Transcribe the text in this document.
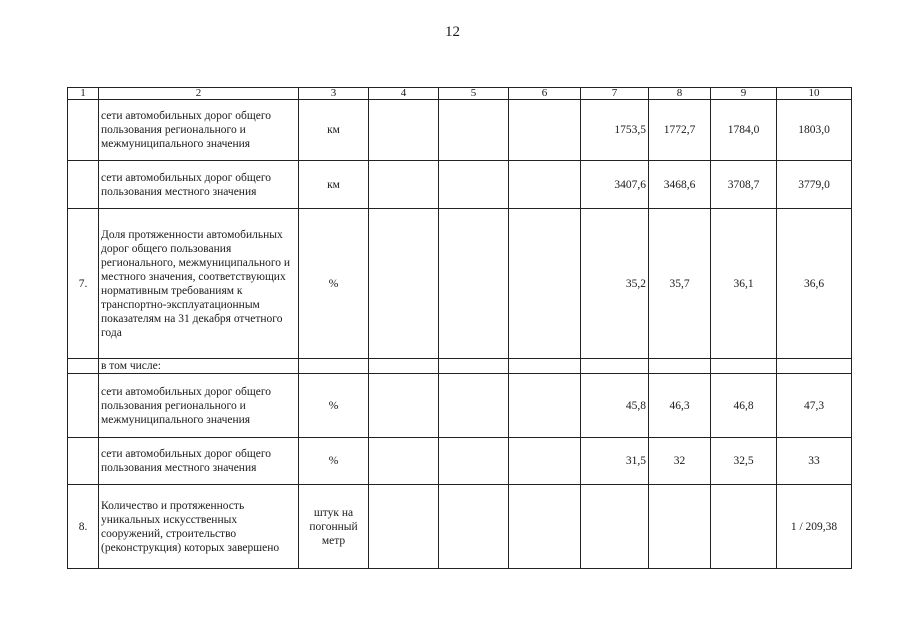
12
1	2	3	4	5	6	7	8	9	10
	сети автомобильных дорог общего пользования регионального и межмуниципального значения	км				1753,5	1772,7	1784,0	1803,0
	сети автомобильных дорог общего пользования местного значения	км				3407,6	3468,6	3708,7	3779,0
7.	Доля протяженности автомобильных дорог общего пользования регионального, межмуниципального и местного значения, соответствующих нормативным требованиям к транспортно-эксплуатационным показателям на 31 декабря отчетного года	%				35,2	35,7	36,1	36,6
	в том числе:								
	сети автомобильных дорог общего пользования регионального и межмуниципального значения	%				45,8	46,3	46,8	47,3
	сети автомобильных дорог общего пользования местного значения	%				31,5	32	32,5	33
8.	Количество и протяженность уникальных искусственных сооружений, строительство (реконструкция) которых завершено	штук на погонный метр							1 / 209,38
